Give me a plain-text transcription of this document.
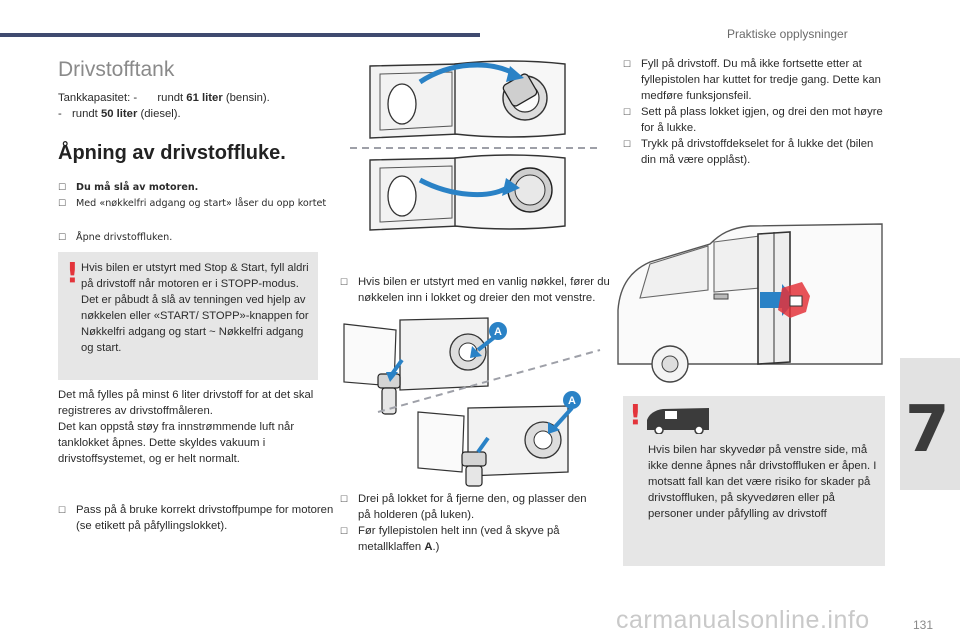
Praktiske opplysninger
Drivstofftank
Tankkapasitet: - rundt 61 liter (bensin).
- rundt 50 liter (diesel).
Åpning av drivstoffluke.
☐ Du må slå av motoren.
☐ Med «nøkkelfri adgang og start» låser du opp kortet
☐ Åpne drivstoffluken.
! Hvis bilen er utstyrt med Stop & Start, fyll aldri på drivstoff når motoren er i STOPP-modus. Det er påbudt å slå av tenningen ved hjelp av nøkkelen eller «START/ STOPP»-knappen for Nøkkelfri adgang og start ~ Nøkkelfri adgang og start.
Det må fylles på minst 6 liter drivstoff for at det skal registreres av drivstoffmåleren.
Det kan oppstå støy fra innstrømmende luft når tanklokket åpnes. Dette skyldes vakuum i drivstoffsystemet, og er helt normalt.
☐ Pass på å bruke korrekt drivstoffpumpe for motoren (se etikett på påfyllingslokket).
☐ Hvis bilen er utstyrt med en vanlig nøkkel, fører du nøkkelen inn i lokket og dreier den mot venstre.
A
A
☐ Drei på lokket for å fjerne den, og plasser den på holderen (på luken).
☐ Før fyllepistolen helt inn (ved å skyve på metallklaffen A.)
☐ Fyll på drivstoff. Du må ikke fortsette etter at fyllepistolen har kuttet for tredje gang. Dette kan medføre funksjonsfeil.
☐ Sett på plass lokket igjen, og drei den mot høyre for å lukke.
☐ Trykk på drivstoffdekselet for å lukke det (bilen din må være opplåst).
!
Hvis bilen har skyvedør på venstre side, må ikke denne åpnes når drivstoffluken er åpen. I motsatt fall kan det være risiko for skader på drivstoffluken, på skyvedøren eller på personer under påfylling av drivstoff
7
carmanualsonline.info	131
